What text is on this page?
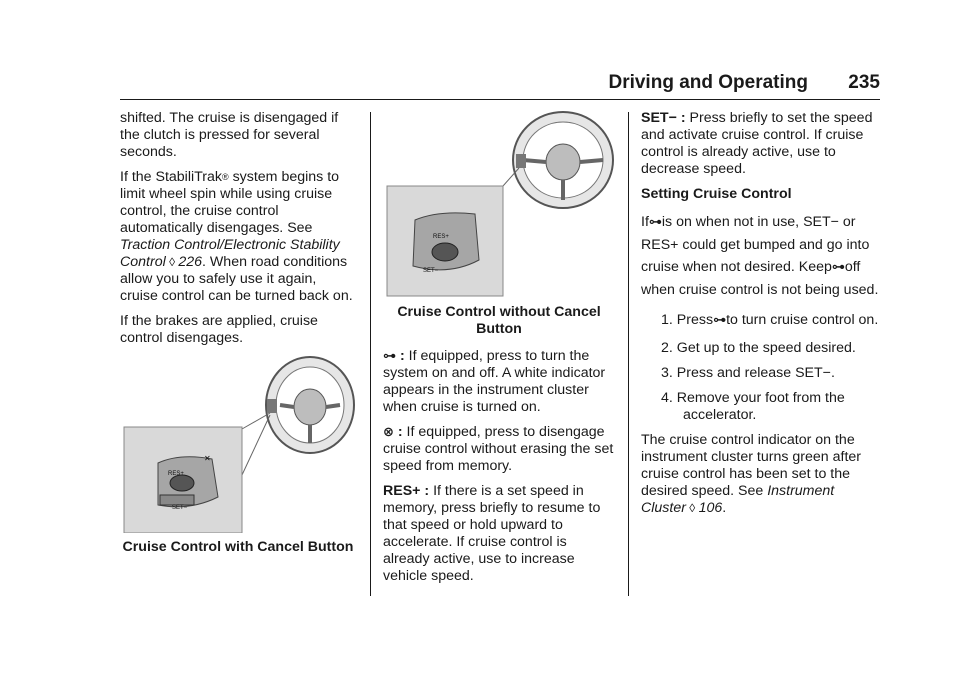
Driving and Operating 235

shifted. The cruise is disengaged if the clutch is pressed for several seconds.

If the StabiliTrak® system begins to limit wheel spin while using cruise control, the cruise control automatically disengages. See Traction Control/Electronic Stability Control ◊ 226. When road conditions allow you to safely use it again, cruise control can be turned back on.

If the brakes are applied, cruise control disengages.

RES+
SET−
✕
Cruise Control with Cancel Button
RES+
SET−
Cruise Control without Cancel Button

⊶ : If equipped, press to turn the system on and off. A white indicator appears in the instrument cluster when cruise is turned on.

⊗ : If equipped, press to disengage cruise control without erasing the set speed from memory.

RES+ : If there is a set speed in memory, press briefly to resume to that speed or hold upward to accelerate. If cruise control is already active, use to increase vehicle speed.

SET− : Press briefly to set the speed and activate cruise control. If cruise control is already active, use to decrease speed.

Setting Cruise Control

If⊶is on when not in use, SET− or RES+ could get bumped and go into cruise when not desired. Keep⊶off when cruise control is not being used.

1. Press⊶to turn cruise control on.
2. Get up to the speed desired.
3. Press and release SET−.
4. Remove your foot from the accelerator.

The cruise control indicator on the instrument cluster turns green after cruise control has been set to the desired speed. See Instrument Cluster ◊ 106.
